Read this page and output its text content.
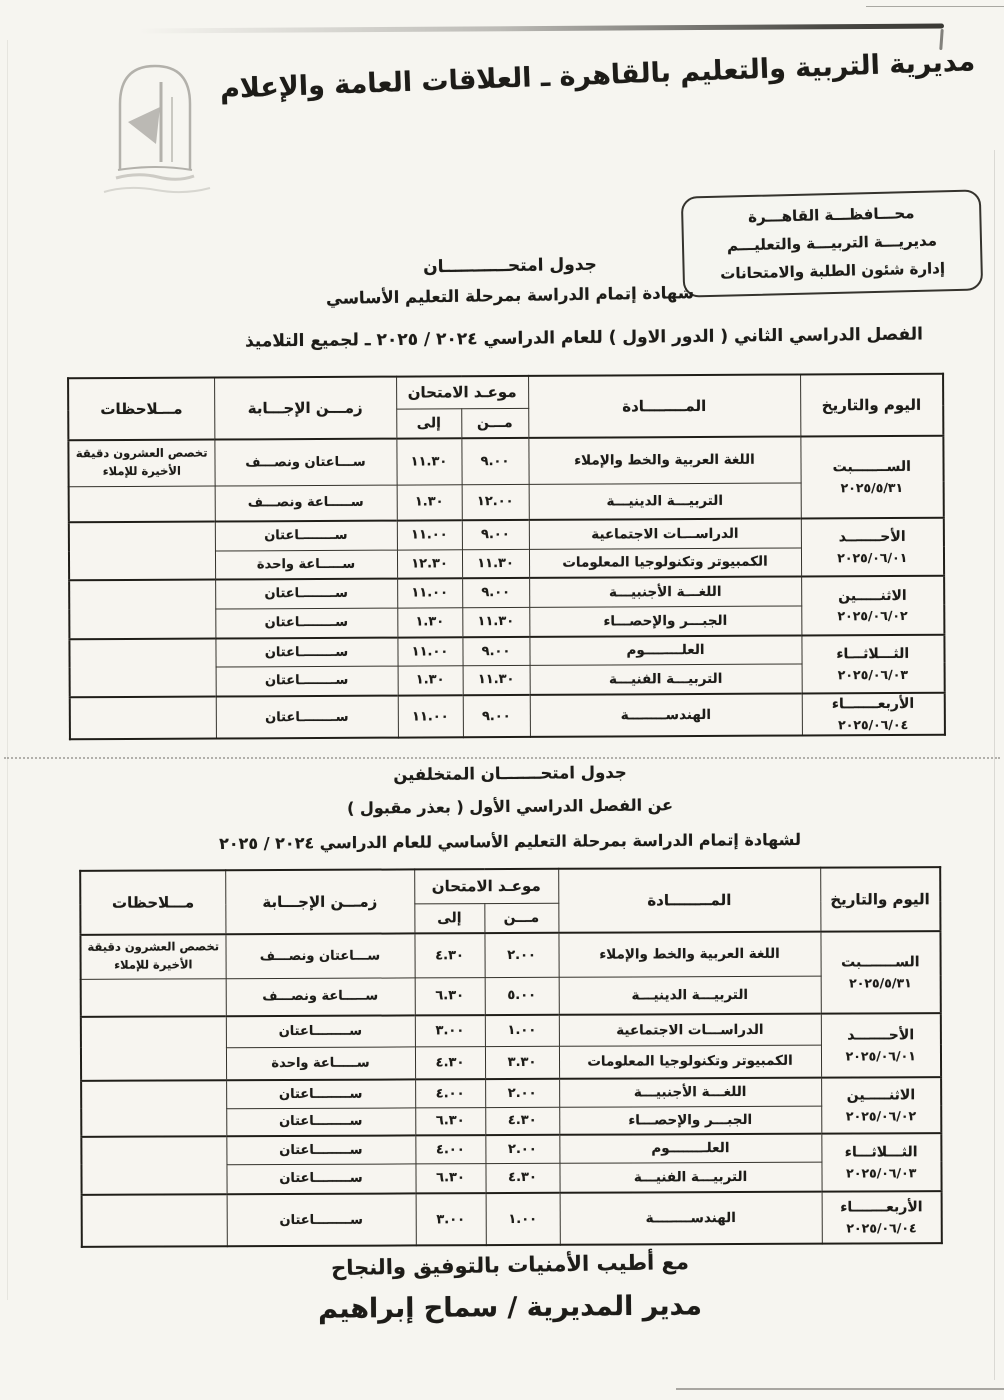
مديرية التربية والتعليم بالقاهرة ـ العلاقات العامة والإعلام
محـــافظـــة القاهـــرة
مديريـــة التربيـــة والتعليـــم
إدارة شئون الطلبة والامتحانات
جدول امتحـــــــــــان
شهادة إتمام الدراسة بمرحلة التعليم الأساسي
الفصل الدراسي الثاني ( الدور الاول ) للعام الدراسي ٢٠٢٤ / ٢٠٢٥ ـ لجميع التلاميذ
اليوم والتاريخ	المــــــــادة	موعـد الامتحان		زمـــن الإجـــابة	مـــلاحظات
		مـــن	إلى		

الســـــــبت
٢٠٢٥/٥/٣١	اللغة العربية والخط والإملاء	٩.٠٠	١١.٣٠	ســـاعتان ونصـــف	تخصص العشرون دقيقة الأخيرة للإملاء
	التربيـــة الدينيـــة	١٢.٠٠	١.٣٠	ســـــاعة ونصـــف	

الأحـــــــد
٢٠٢٥/٠٦/٠١	الدراســـات الاجتماعية	٩.٠٠	١١.٠٠	ســــــــاعتان	
	الكمبيوتر وتكنولوجيا المعلومات	١١.٣٠	١٢.٣٠	ســـــاعة واحدة	

الاثنـــــين
٢٠٢٥/٠٦/٠٢	اللغـــة الأجنبيـــة	٩.٠٠	١١.٠٠	ســــــــاعتان	
	الجبـــر والإحصـــاء	١١.٣٠	١.٣٠	ســــــــاعتان	

الثـــلاثـــاء
٢٠٢٥/٠٦/٠٣	العلــــــــوم	٩.٠٠	١١.٠٠	ســــــــاعتان	
	التربيـــة الفنيـــة	١١.٣٠	١.٣٠	ســــــــاعتان	

الأربعـــــــاء
٢٠٢٥/٠٦/٠٤	الهندســــــــة	٩.٠٠	١١.٠٠	ســــــــاعتان	
جدول امتحـــــــان المتخلفين
عن الفصل الدراسي الأول ( بعذر مقبول )
لشهادة إتمام الدراسة بمرحلة التعليم الأساسي للعام الدراسي ٢٠٢٤ / ٢٠٢٥
اليوم والتاريخ	المــــــــادة	موعـد الامتحان		زمـــن الإجـــابة	مـــلاحظات
		مـــن	إلى		

الســـــــبت
٢٠٢٥/٥/٣١	اللغة العربية والخط والإملاء	٢.٠٠	٤.٣٠	ســـاعتان ونصـــف	تخصص العشرون دقيقة الأخيرة للإملاء
	التربيـــة الدينيـــة	٥.٠٠	٦.٣٠	ســـــاعة ونصـــف	

الأحـــــــد
٢٠٢٥/٠٦/٠١	الدراســـات الاجتماعية	١.٠٠	٣.٠٠	ســــــــاعتان	
	الكمبيوتر وتكنولوجيا المعلومات	٣.٣٠	٤.٣٠	ســـــاعة واحدة	

الاثنـــــين
٢٠٢٥/٠٦/٠٢	اللغـــة الأجنبيـــة	٢.٠٠	٤.٠٠	ســــــــاعتان	
	الجبـــر والإحصـــاء	٤.٣٠	٦.٣٠	ســــــــاعتان	

الثـــلاثـــاء
٢٠٢٥/٠٦/٠٣	العلــــــــوم	٢.٠٠	٤.٠٠	ســــــــاعتان	
	التربيـــة الفنيـــة	٤.٣٠	٦.٣٠	ســــــــاعتان	

الأربعـــــــاء
٢٠٢٥/٠٦/٠٤	الهندســــــــة	١.٠٠	٣.٠٠	ســــــــاعتان	
مع أطيب الأمنيات بالتوفيق والنجاح
مدير المديرية / سماح إبراهيم
